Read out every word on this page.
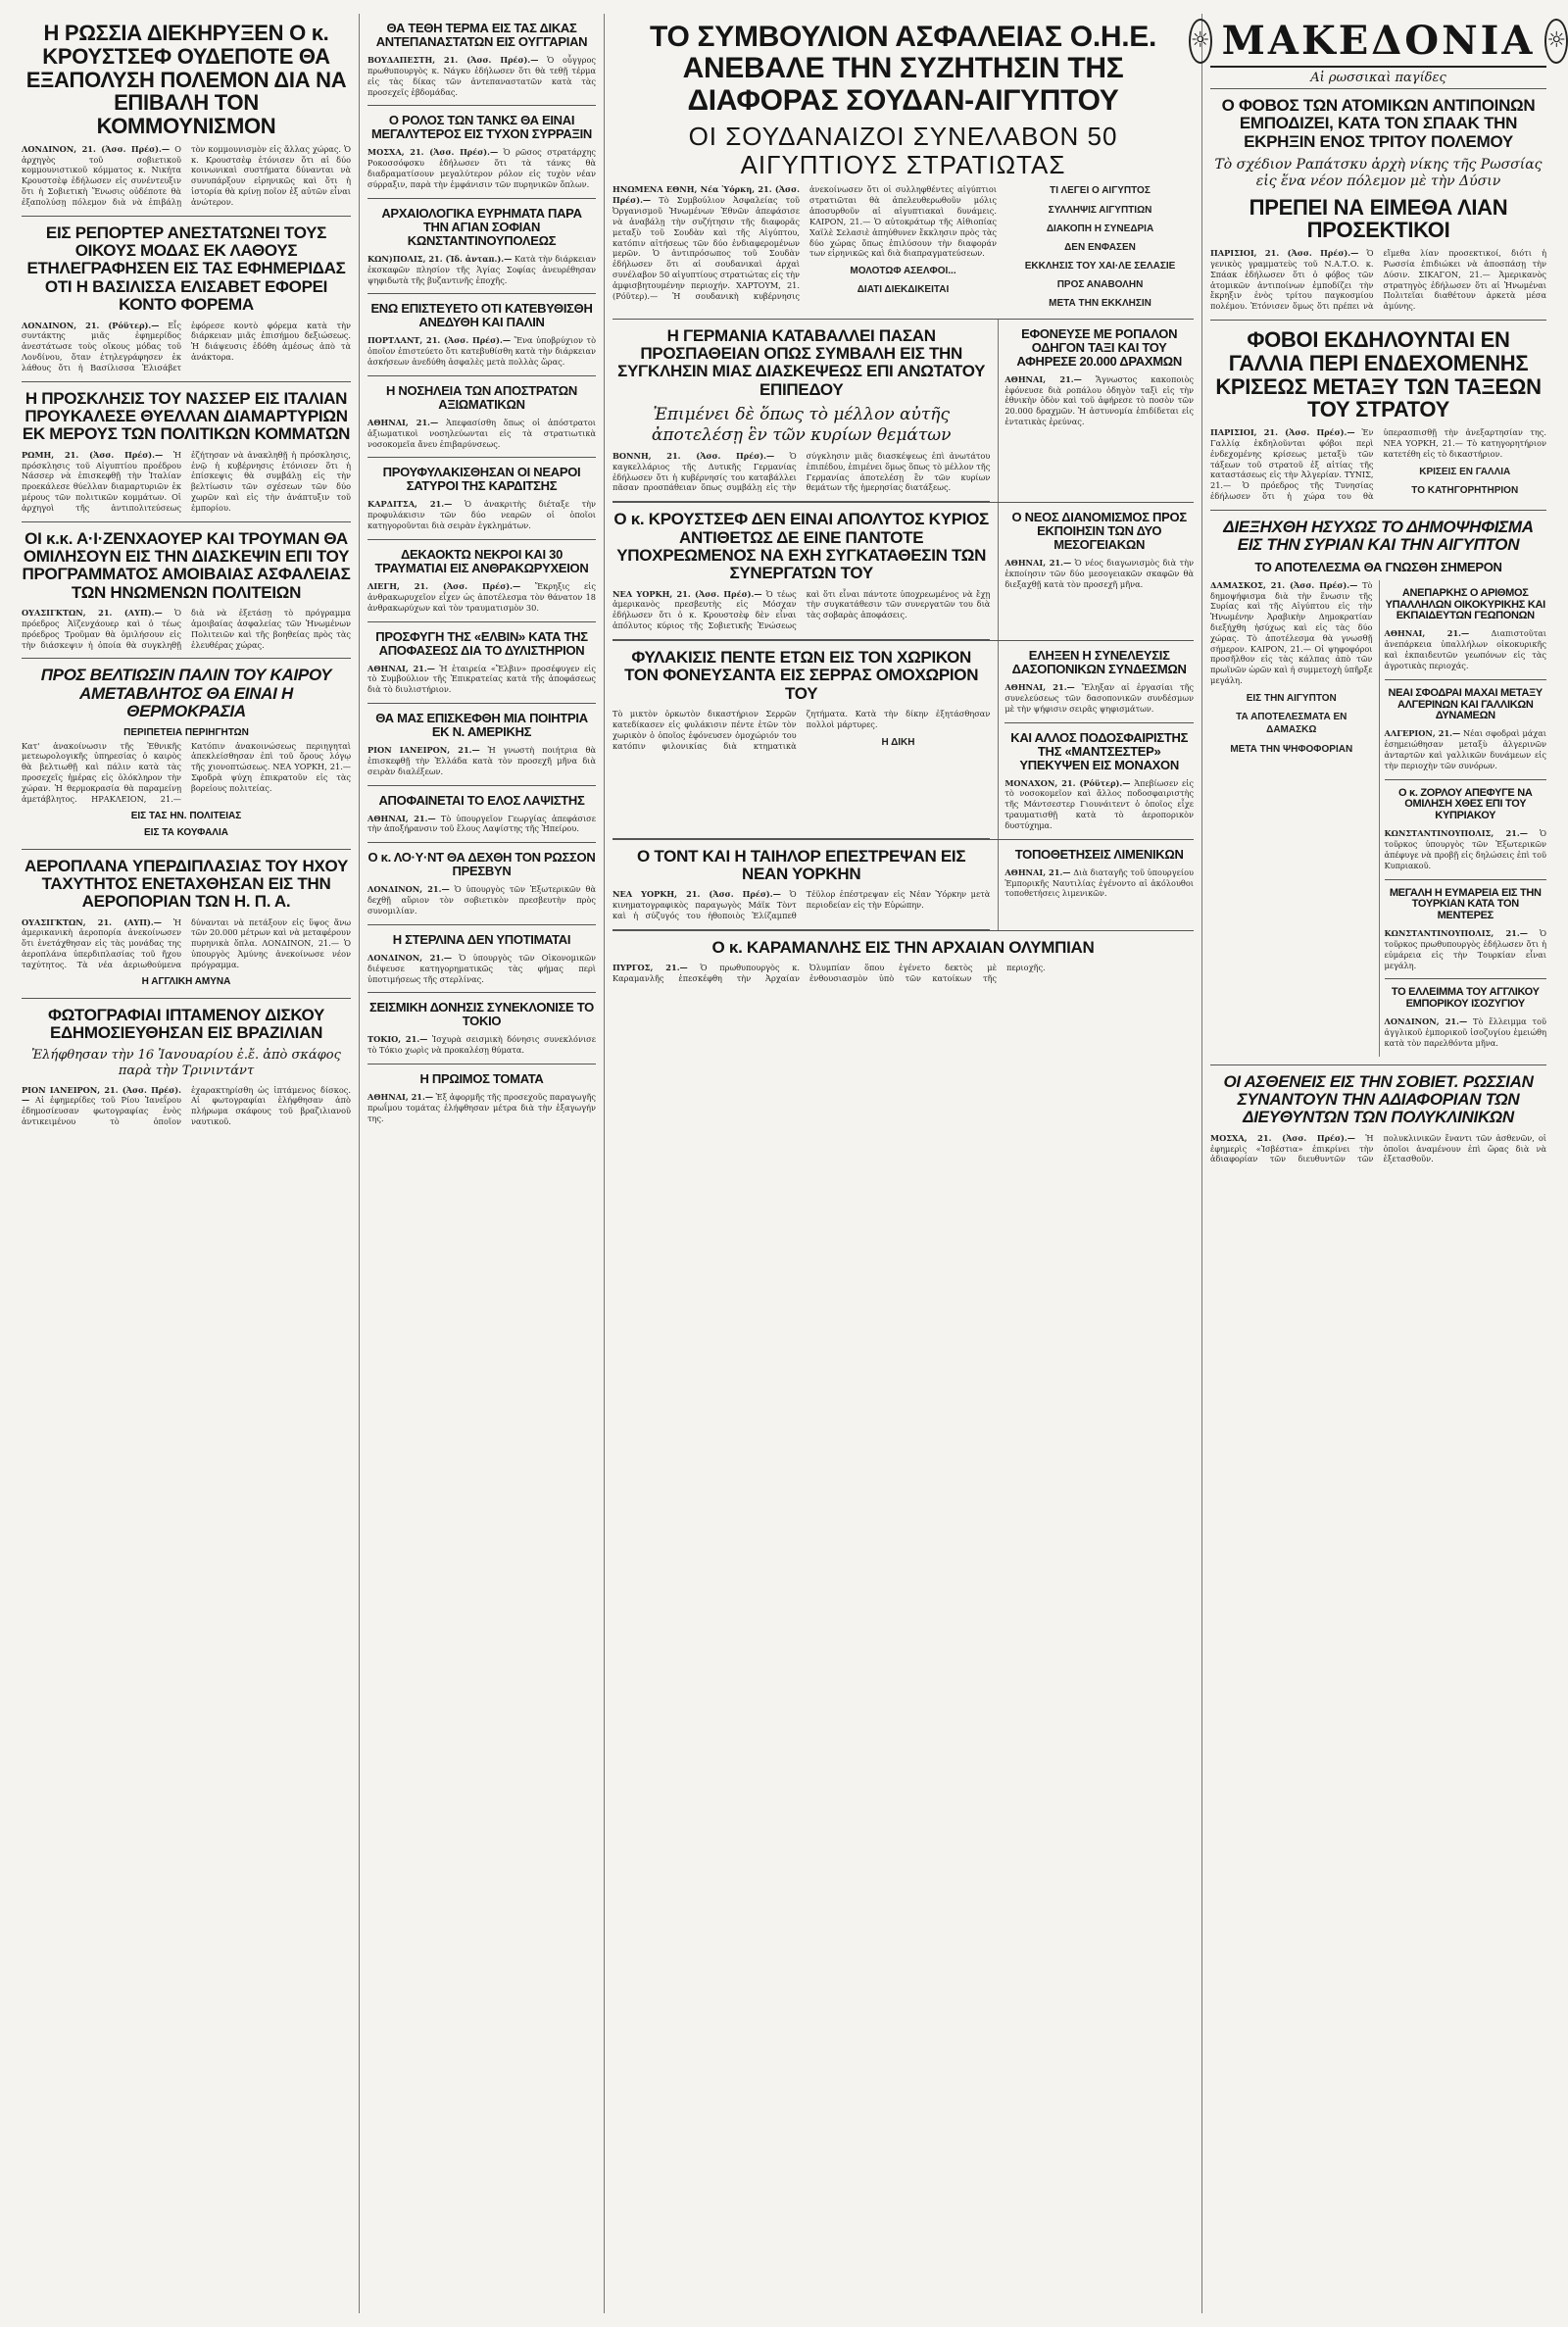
Η ΡΩΣΣΙΑ ΔΙΕΚΗΡΥΞΕΝ Ο κ. ΚΡΟΥΣΤΣΕΦ ΟΥΔΕΠΟΤΕ ΘΑ ΕΞΑΠΟΛΥΣΗ ΠΟΛΕΜΟΝ ΔΙΑ ΝΑ ΕΠΙΒΑΛΗ ΤΟΝ ΚΟΜΜΟΥΝΙΣΜΟΝ
ΛΟΝΔΙΝΟΝ, 21. (Άσσ. Πρέσ).— Ο ἀρχηγὸς τοῦ σοβιετικοῦ κομμουνιστικοῦ κόμματος κ. Νικήτα Κρουστσὲφ ἐδήλωσεν εἰς συνέντευξιν ὅτι ἡ Σοβιετικὴ Ἕνωσις οὐδέποτε θὰ ἐξαπολύσῃ πόλεμον διὰ νὰ ἐπιβάλῃ τὸν κομμουνισμὸν εἰς ἄλλας χώρας. Ὁ κ. Κρουστσὲφ ἐτόνισεν ὅτι αἱ δύο κοινωνικαὶ συστήματα δύνανται νὰ συνυπάρξουν εἰρηνικῶς καὶ ὅτι ἡ ἱστορία θὰ κρίνῃ ποῖον ἐξ αὐτῶν εἶναι ἀνώτερον.
ΕΙΣ ΡΕΠΟΡΤΕΡ ΑΝΕΣΤΑΤΩΝΕΙ ΤΟΥΣ ΟΙΚΟΥΣ ΜΟΔΑΣ ΕΚ ΛΑΘΟΥΣ ΕΤΗΛΕΓΡΑΦΗΣΕΝ ΕΙΣ ΤΑΣ ΕΦΗΜΕΡΙΔΑΣ ΟΤΙ Η ΒΑΣΙΛΙΣΣΑ ΕΛΙΣΑΒΕΤ ΕΦΟΡΕΙ ΚΟΝΤΟ ΦΟΡΕΜΑ
ΛΟΝΔΙΝΟΝ, 21. (Ρόϋτερ).— Εἷς συντάκτης μιᾶς ἐφημερίδος ἀνεστάτωσε τοὺς οἴκους μόδας τοῦ Λονδίνου, ὅταν ἐτηλεγράφησεν ἐκ λάθους ὅτι ἡ Βασίλισσα Ἐλισάβετ ἐφόρεσε κοντὸ φόρεμα κατὰ τὴν διάρκειαν μιᾶς ἐπισήμου δεξιώσεως. Ἡ διάψευσις ἐδόθη ἀμέσως ἀπὸ τὰ ἀνάκτορα.
Η ΠΡΟΣΚΛΗΣΙΣ ΤΟΥ ΝΑΣΣΕΡ ΕΙΣ ΙΤΑΛΙΑΝ ΠΡΟΥΚΑΛΕΣΕ ΘΥΕΛΛΑΝ ΔΙΑΜΑΡΤΥΡΙΩΝ ΕΚ ΜΕΡΟΥΣ ΤΩΝ ΠΟΛΙΤΙΚΩΝ ΚΟΜΜΑΤΩΝ
ΡΩΜΗ, 21. (Ἀσσ. Πρέσ).— Ἡ πρόσκλησις τοῦ Αἰγυπτίου προέδρου Νάσσερ νὰ ἐπισκεφθῇ τὴν Ἰταλίαν προεκάλεσε θύελλαν διαμαρτυριῶν ἐκ μέρους τῶν πολιτικῶν κομμάτων. Οἱ ἀρχηγοὶ τῆς ἀντιπολιτεύσεως ἐζήτησαν νὰ ἀνακληθῇ ἡ πρόσκλησις, ἐνῷ ἡ κυβέρνησις ἐτόνισεν ὅτι ἡ ἐπίσκεψις θὰ συμβάλῃ εἰς τὴν βελτίωσιν τῶν σχέσεων τῶν δύο χωρῶν καὶ εἰς τὴν ἀνάπτυξιν τοῦ ἐμπορίου.
ΟΙ κ.κ. Α·Ι·ΖΕΝΧΑΟΥΕΡ ΚΑΙ ΤΡΟΥΜΑΝ ΘΑ ΟΜΙΛΗΣΟΥΝ ΕΙΣ ΤΗΝ ΔΙΑΣΚΕΨΙΝ ΕΠΙ ΤΟΥ ΠΡΟΓΡΑΜΜΑΤΟΣ ΑΜΟΙΒΑΙΑΣ ΑΣΦΑΛΕΙΑΣ ΤΩΝ ΗΝΩΜΕΝΩΝ ΠΟΛΙΤΕΙΩΝ
ΟΥΑΣΙΓΚΤΩΝ, 21. (ΑΥΠ).— Ὁ πρόεδρος Ἀϊζενχάουερ καὶ ὁ τέως πρόεδρος Τροῦμαν θὰ ὁμιλήσουν εἰς τὴν διάσκεψιν ἡ ὁποία θὰ συγκληθῇ διὰ νὰ ἐξετάσῃ τὸ πρόγραμμα ἀμοιβαίας ἀσφαλείας τῶν Ἡνωμένων Πολιτειῶν καὶ τῆς βοηθείας πρὸς τὰς ἐλευθέρας χώρας.
ΠΡΟΣ ΒΕΛΤΙΩΣΙΝ ΠΑΛΙΝ ΤΟΥ ΚΑΙΡΟΥ ΑΜΕΤΑΒΛΗΤΟΣ ΘΑ ΕΙΝΑΙ Η ΘΕΡΜΟΚΡΑΣΙΑ
ΠΕΡΙΠΕΤΕΙΑ ΠΕΡΙΗΓΗΤΩΝ
Κατ' ἀνακοίνωσιν τῆς Ἐθνικῆς μετεωρολογικῆς ὑπηρεσίας ὁ καιρὸς θὰ βελτιωθῇ καὶ πάλιν κατὰ τὰς προσεχεῖς ἡμέρας εἰς ὁλόκληρον τὴν χώραν. Ἡ θερμοκρασία θὰ παραμείνῃ ἀμετάβλητος. ΗΡΑΚΛΕΙΟΝ, 21.— Κατόπιν ἀνακοινώσεως περιηγηταὶ ἀπεκλείσθησαν ἐπὶ τοῦ ὄρους λόγῳ τῆς χιονοπτώσεως. ΝΕΑ ΥΟΡΚΗ, 21.— Σφοδρὰ ψύχη ἐπικρατοῦν εἰς τὰς βορείους πολιτείας.
ΕΙΣ ΤΑΣ ΗΝ. ΠΟΛΙΤΕΙΑΣ
ΕΙΣ ΤΑ ΚΟΥΦΑΛΙΑ
ΑΕΡΟΠΛΑΝΑ ΥΠΕΡΔΙΠΛΑΣΙΑΣ ΤΟΥ ΗΧΟΥ ΤΑΧΥΤΗΤΟΣ ΕΝΕΤΑΧΘΗΣΑΝ ΕΙΣ ΤΗΝ ΑΕΡΟΠΟΡΙΑΝ ΤΩΝ Η. Π. Α.
ΟΥΑΣΙΓΚΤΩΝ, 21. (ΑΥΠ).— Ἡ ἀμερικανικὴ ἀεροπορία ἀνεκοίνωσεν ὅτι ἐνετάχθησαν εἰς τὰς μονάδας της ἀεροπλάνα ὑπερδιπλασίας τοῦ ἤχου ταχύτητος. Τὰ νέα ἀεριωθούμενα δύνανται νὰ πετάξουν εἰς ὕψος ἄνω τῶν 20.000 μέτρων καὶ νὰ μεταφέρουν πυρηνικὰ ὅπλα. ΛΟΝΔΙΝΟΝ, 21.— Ὁ ὑπουργὸς Ἀμύνης ἀνεκοίνωσε νέον πρόγραμμα.
Η ΑΓΓΛΙΚΗ ΑΜΥΝΑ
ΦΩΤΟΓΡΑΦΙΑΙ ΙΠΤΑΜΕΝΟΥ ΔΙΣΚΟΥ ΕΔΗΜΟΣΙΕΥΘΗΣΑΝ ΕΙΣ ΒΡΑΖΙΛΙΑΝ
Ἐλήφθησαν τὴν 16 Ἰανουαρίου ἐ.ἔ. ἀπὸ σκάφος παρὰ τὴν Τρινιντάντ
ΡΙΟΝ ΙΑΝΕΙΡΟΝ, 21. (Ἀσσ. Πρέσ).— Αἱ ἐφημερίδες τοῦ Ρίου Ἰανεΐρου ἐδημοσίευσαν φωτογραφίας ἑνὸς ἀντικειμένου τὸ ὁποῖον ἐχαρακτηρίσθη ὡς ἱπτάμενος δίσκος. Αἱ φωτογραφίαι ἐλήφθησαν ἀπὸ πλήρωμα σκάφους τοῦ βραζιλιανοῦ ναυτικοῦ.
ΘΑ ΤΕΘΗ ΤΕΡΜΑ ΕΙΣ ΤΑΣ ΔΙΚΑΣ ΑΝΤΕΠΑΝΑΣΤΑΤΩΝ ΕΙΣ ΟΥΓΓΑΡΙΑΝ
ΒΟΥΔΑΠΕΣΤΗ, 21. (Ἀσσ. Πρέσ).— Ὁ οὗγγρος πρωθυπουργὸς κ. Νάγκυ ἐδήλωσεν ὅτι θὰ τεθῇ τέρμα εἰς τὰς δίκας τῶν ἀντεπαναστατῶν κατὰ τὰς προσεχεῖς ἑβδομάδας.
Ο ΡΟΛΟΣ ΤΩΝ ΤΑΝΚΣ ΘΑ ΕΙΝΑΙ ΜΕΓΑΛΥΤΕΡΟΣ ΕΙΣ ΤΥΧΟΝ ΣΥΡΡΑΞΙΝ
ΜΟΣΧΑ, 21. (Ἀσσ. Πρέσ).— Ὁ ρῶσος στρατάρχης Ροκοσσόφσκυ ἐδήλωσεν ὅτι τὰ τάνκς θὰ διαδραματίσουν μεγαλύτερον ρόλον εἰς τυχὸν νέαν σύρραξιν, παρὰ τὴν ἐμφάνισιν τῶν πυρηνικῶν ὅπλων.
ΑΡΧΑΙΟΛΟΓΙΚΑ ΕΥΡΗΜΑΤΑ ΠΑΡΑ ΤΗΝ ΑΓΙΑΝ ΣΟΦΙΑΝ ΚΩΝΣΤΑΝΤΙΝΟΥΠΟΛΕΩΣ
ΚΩΝ)ΠΟΛΙΣ, 21. (Ἰδ. ἀνταπ.).— Κατὰ τὴν διάρκειαν ἐκσκαφῶν πλησίον τῆς Ἁγίας Σοφίας ἀνευρέθησαν ψηφιδωτὰ τῆς βυζαντινῆς ἐποχῆς.
ΕΝΩ ΕΠΙΣΤΕΥΕΤΟ ΟΤΙ ΚΑΤΕΒΥΘΙΣΘΗ ΑΝΕΔΥΘΗ ΚΑΙ ΠΑΛΙΝ
ΠΟΡΤΛΑΝΤ, 21. (Ἀσσ. Πρέσ).— Ἕνα ὑποβρύχιον τὸ ὁποῖον ἐπιστεύετο ὅτι κατεβυθίσθη κατὰ τὴν διάρκειαν ἀσκήσεων ἀνεδύθη ἀσφαλὲς μετὰ πολλὰς ὥρας.
Η ΝΟΣΗΛΕΙΑ ΤΩΝ ΑΠΟΣΤΡΑΤΩΝ ΑΞΙΩΜΑΤΙΚΩΝ
ΑΘΗΝΑΙ, 21.— Ἀπεφασίσθη ὅπως οἱ ἀπόστρατοι ἀξιωματικοὶ νοσηλεύωνται εἰς τὰ στρατιωτικὰ νοσοκομεῖα ἄνευ ἐπιβαρύνσεως.
ΠΡΟΥΦΥΛΑΚΙΣΘΗΣΑΝ ΟΙ ΝΕΑΡΟΙ ΣΑΤΥΡΟΙ ΤΗΣ ΚΑΡΔΙΤΣΗΣ
ΚΑΡΔΙΤΣΑ, 21.— Ὁ ἀνακριτὴς διέταξε τὴν προφυλάκισιν τῶν δύο νεαρῶν οἱ ὁποῖοι κατηγοροῦνται διὰ σειρὰν ἐγκλημάτων.
ΔΕΚΑΟΚΤΩ ΝΕΚΡΟΙ ΚΑΙ 30 ΤΡΑΥΜΑΤΙΑΙ ΕΙΣ ΑΝΘΡΑΚΩΡΥΧΕΙΟΝ
ΛΙΕΓΗ, 21. (Ἀσσ. Πρέσ).— Ἔκρηξις εἰς ἀνθρακωρυχεῖον εἶχεν ὡς ἀποτέλεσμα τὸν θάνατον 18 ἀνθρακωρύχων καὶ τὸν τραυματισμὸν 30.
ΠΡΟΣΦΥΓΗ ΤΗΣ «ΕΛΒΙΝ» ΚΑΤΑ ΤΗΣ ΑΠΟΦΑΣΕΩΣ ΔΙΑ ΤΟ ΔΥΛΙΣΤΗΡΙΟΝ
ΑΘΗΝΑΙ, 21.— Ἡ ἑταιρεία «Ἔλβιν» προσέφυγεν εἰς τὸ Συμβούλιον τῆς Ἐπικρατείας κατὰ τῆς ἀποφάσεως διὰ τὸ διυλιστήριον.
ΘΑ ΜΑΣ ΕΠΙΣΚΕΦΘΗ ΜΙΑ ΠΟΙΗΤΡΙΑ ΕΚ Ν. ΑΜΕΡΙΚΗΣ
ΡΙΟΝ ΙΑΝΕΙΡΟΝ, 21.— Ἡ γνωστὴ ποιήτρια θὰ ἐπισκεφθῇ τὴν Ἑλλάδα κατὰ τὸν προσεχῆ μῆνα διὰ σειρὰν διαλέξεων.
ΑΠΟΦΑΙΝΕΤΑΙ ΤΟ ΕΛΟΣ ΛΑΨΙΣΤΗΣ
ΑΘΗΝΑΙ, 21.— Τὸ ὑπουργεῖον Γεωργίας ἀπεφάσισε τὴν ἀποξήρανσιν τοῦ ἕλους Λαψίστης τῆς Ἠπείρου.
Ο κ. ΛΟ·Υ·ΝΤ ΘΑ ΔΕΧΘΗ ΤΟΝ ΡΩΣΣΟΝ ΠΡΕΣΒΥΝ
ΛΟΝΔΙΝΟΝ, 21.— Ὁ ὑπουργὸς τῶν Ἐξωτερικῶν θὰ δεχθῇ αὔριον τὸν σοβιετικὸν πρεσβευτὴν πρὸς συνομιλίαν.
Η ΣΤΕΡΛΙΝΑ ΔΕΝ ΥΠΟΤΙΜΑΤΑΙ
ΛΟΝΔΙΝΟΝ, 21.— Ὁ ὑπουργὸς τῶν Οἰκονομικῶν διέψευσε κατηγορηματικῶς τὰς φήμας περὶ ὑποτιμήσεως τῆς στερλίνας.
ΣΕΙΣΜΙΚΗ ΔΟΝΗΣΙΣ ΣΥΝΕΚΛΟΝΙΣΕ ΤΟ ΤΟΚΙΟ
ΤΟΚΙΟ, 21.— Ἰσχυρὰ σεισμικὴ δόνησις συνεκλόνισε τὸ Τόκιο χωρὶς νὰ προκαλέσῃ θύματα.
Η ΠΡΩΙΜΟΣ ΤΟΜΑΤΑ
ΑΘΗΝΑΙ, 21.— Ἐξ ἀφορμῆς τῆς προσεχοῦς παραγωγῆς πρωΐμου τομάτας ἐλήφθησαν μέτρα διὰ τὴν ἐξαγωγήν της.
ΤΟ ΣΥΜΒΟΥΛΙΟΝ ΑΣΦΑΛΕΙΑΣ Ο.Η.Ε. ΑΝΕΒΑΛΕ ΤΗΝ ΣΥΖΗΤΗΣΙΝ ΤΗΣ ΔΙΑΦΟΡΑΣ ΣΟΥΔΑΝ-ΑΙΓΥΠΤΟΥ
ΟΙ ΣΟΥΔΑΝΑΙΖΟΙ ΣΥΝΕΛΑΒΟΝ 50 ΑΙΓΥΠΤΙΟΥΣ ΣΤΡΑΤΙΩΤΑΣ
ΗΝΩΜΕΝΑ ΕΘΝΗ, Νέα Ὑόρκη, 21. (Ἀσσ. Πρέσ).— Τὸ Συμβούλιον Ἀσφαλείας τοῦ Ὀργανισμοῦ Ἡνωμένων Ἐθνῶν ἀπεφάσισε νὰ ἀναβάλῃ τὴν συζήτησιν τῆς διαφορᾶς μεταξὺ τοῦ Σουδὰν καὶ τῆς Αἰγύπτου, κατόπιν αἰτήσεως τῶν δύο ἐνδιαφερομένων μερῶν. Ὁ ἀντιπρόσωπος τοῦ Σουδὰν ἐδήλωσεν ὅτι αἱ σουδανικαὶ ἀρχαὶ συνέλαβον 50 αἰγυπτίους στρατιώτας εἰς τὴν ἀμφισβητουμένην περιοχήν. ΧΑΡΤΟΥΜ, 21. (Ρόϋτερ).— Ἡ σουδανικὴ κυβέρνησις ἀνεκοίνωσεν ὅτι οἱ συλληφθέντες αἰγύπτιοι στρατιῶται θὰ ἀπελευθερωθοῦν μόλις ἀποσυρθοῦν αἱ αἰγυπτιακαὶ δυνάμεις. ΚΑΙΡΟΝ, 21.— Ὁ αὐτοκράτωρ τῆς Αἰθιοπίας Χαϊλὲ Σελασιὲ ἀπηύθυνεν ἔκκλησιν πρὸς τὰς δύο χώρας ὅπως ἐπιλύσουν τὴν διαφοράν των εἰρηνικῶς καὶ διὰ διαπραγματεύσεων.
ΜΟΛΟΤΩΦ ΑΣΕΛΦΟΙ...
ΔΙΑΤΙ ΔΙΕΚΔΙΚΕΙΤΑΙ
ΤΙ ΛΕΓΕΙ Ο ΑΙΓΥΠΤΟΣ
ΣΥΛΛΗΨΙΣ ΑΙΓΥΠΤΙΩΝ
ΔΙΑΚΟΠΗ Η ΣΥΝΕΔΡΙΑ
ΔΕΝ ΕΝΦΑΣΕΝ
ΕΚΚΛΗΣΙΣ ΤΟΥ ΧΑΙ·ΛΕ ΣΕΛΑΣΙΕ
ΠΡΟΣ ΑΝΑΒΟΛΗΝ
ΜΕΤΑ ΤΗΝ ΕΚΚΛΗΣΙΝ
Η ΓΕΡΜΑΝΙΑ ΚΑΤΑΒΑΛΛΕΙ ΠΑΣΑΝ ΠΡΟΣΠΑΘΕΙΑΝ ΟΠΩΣ ΣΥΜΒΑΛΗ ΕΙΣ ΤΗΝ ΣΥΓΚΛΗΣΙΝ ΜΙΑΣ ΔΙΑΣΚΕΨΕΩΣ ΕΠΙ ΑΝΩΤΑΤΟΥ ΕΠΙΠΕΔΟΥ
Ἐπιμένει δὲ ὅπως τὸ μέλλον αὐτῆς ἀποτελέσῃ ἓν τῶν κυρίων θεμάτων
ΒΟΝΝΗ, 21. (Ἀσσ. Πρέσ).— Ὁ καγκελλάριος τῆς Δυτικῆς Γερμανίας ἐδήλωσεν ὅτι ἡ κυβέρνησίς του καταβάλλει πᾶσαν προσπάθειαν ὅπως συμβάλῃ εἰς τὴν σύγκλησιν μιᾶς διασκέψεως ἐπὶ ἀνωτάτου ἐπιπέδου, ἐπιμένει ὅμως ὅπως τὸ μέλλον τῆς Γερμανίας ἀποτελέσῃ ἓν τῶν κυρίων θεμάτων τῆς ἡμερησίας διατάξεως.
ΕΦΟΝΕΥΣΕ ΜΕ ΡΟΠΑΛΟΝ ΟΔΗΓΟΝ ΤΑΞΙ ΚΑΙ ΤΟΥ ΑΦΗΡΕΣΕ 20.000 ΔΡΑΧΜΩΝ
ΑΘΗΝΑΙ, 21.— Ἄγνωστος κακοποιὸς ἐφόνευσε διὰ ροπάλου ὁδηγὸν ταξὶ εἰς τὴν ἐθνικὴν ὁδὸν καὶ τοῦ ἀφήρεσε τὸ ποσὸν τῶν 20.000 δραχμῶν. Ἡ ἀστυνομία ἐπιδίδεται εἰς ἐντατικὰς ἐρεύνας.
Ο κ. ΚΡΟΥΣΤΣΕΦ ΔΕΝ ΕΙΝΑΙ ΑΠΟΛΥΤΟΣ ΚΥΡΙΟΣ ΑΝΤΙΘΕΤΩΣ ΔΕ ΕΙΝΕ ΠΑΝΤΟΤΕ ΥΠΟΧΡΕΩΜΕΝΟΣ ΝΑ ΕΧΗ ΣΥΓΚΑΤΑΘΕΣΙΝ ΤΩΝ ΣΥΝΕΡΓΑΤΩΝ ΤΟΥ
ΝΕΑ ΥΟΡΚΗ, 21. (Ἀσσ. Πρέσ).— Ὁ τέως ἀμερικανὸς πρεσβευτὴς εἰς Μόσχαν ἐδήλωσεν ὅτι ὁ κ. Κρουστσὲφ δὲν εἶναι ἀπόλυτος κύριος τῆς Σοβιετικῆς Ἑνώσεως καὶ ὅτι εἶναι πάντοτε ὑποχρεωμένος νὰ ἔχῃ τὴν συγκατάθεσιν τῶν συνεργατῶν του διὰ τὰς σοβαρὰς ἀποφάσεις.
Ο ΝΕΟΣ ΔΙΑΝΟΜΙΣΜΟΣ ΠΡΟΣ ΕΚΠΟΙΗΣΙΝ ΤΩΝ ΔΥΟ ΜΕΣΟΓΕΙΑΚΩΝ
ΑΘΗΝΑΙ, 21.— Ὁ νέος διαγωνισμὸς διὰ τὴν ἐκποίησιν τῶν δύο μεσογειακῶν σκαφῶν θὰ διεξαχθῇ κατὰ τὸν προσεχῆ μῆνα.
ΦΥΛΑΚΙΣΙΣ ΠΕΝΤΕ ΕΤΩΝ ΕΙΣ ΤΟΝ ΧΩΡΙΚΟΝ ΤΟΝ ΦΟΝΕΥΣΑΝΤΑ ΕΙΣ ΣΕΡΡΑΣ ΟΜΟΧΩΡΙΟΝ ΤΟΥ
Τὸ μικτὸν ὁρκωτὸν δικαστήριον Σερρῶν κατεδίκασεν εἰς φυλάκισιν πέντε ἐτῶν τὸν χωρικὸν ὁ ὁποῖος ἐφόνευσεν ὁμοχώριόν του κατόπιν φιλονικίας διὰ κτηματικὰ ζητήματα. Κατὰ τὴν δίκην ἐξητάσθησαν πολλοὶ μάρτυρες.
Η ΔΙΚΗ
ΕΛΗΞΕΝ Η ΣΥΝΕΛΕΥΣΙΣ ΔΑΣΟΠΟΝΙΚΩΝ ΣΥΝΔΕΣΜΩΝ
ΑΘΗΝΑΙ, 21.— Ἔληξαν αἱ ἐργασίαι τῆς συνελεύσεως τῶν δασοπονικῶν συνδέσμων μὲ τὴν ψήφισιν σειρᾶς ψηφισμάτων.
ΚΑΙ ΑΛΛΟΣ ΠΟΔΟΣΦΑΙΡΙΣΤΗΣ ΤΗΣ «ΜΑΝΤΣΕΣΤΕΡ» ΥΠΕΚΥΨΕΝ ΕΙΣ ΜΟΝΑΧΟΝ
ΜΟΝΑΧΟΝ, 21. (Ρόϋτερ).— Ἀπεβίωσεν εἰς τὸ νοσοκομεῖον καὶ ἄλλος ποδοσφαιριστὴς τῆς Μάντσεστερ Γιουνάιτεντ ὁ ὁποῖος εἶχε τραυματισθῇ κατὰ τὸ ἀεροπορικὸν δυστύχημα.
Ο ΤΟΝΤ ΚΑΙ Η ΤΑΙΗΛΟΡ ΕΠΕΣΤΡΕΨΑΝ ΕΙΣ ΝΕΑΝ ΥΟΡΚΗΝ
ΝΕΑ ΥΟΡΚΗ, 21. (Ἀσσ. Πρέσ).— Ὁ κινηματογραφικὸς παραγωγὸς Μάϊκ Τὸντ καὶ ἡ σύζυγός του ἠθοποιὸς Ἐλίζαμπεθ Τέϋλορ ἐπέστρεψαν εἰς Νέαν Ὑόρκην μετὰ περιοδείαν εἰς τὴν Εὐρώπην.
ΤΟΠΟΘΕΤΗΣΕΙΣ ΛΙΜΕΝΙΚΩΝ
ΑΘΗΝΑΙ, 21.— Διὰ διαταγῆς τοῦ ὑπουργείου Ἐμπορικῆς Ναυτιλίας ἐγένοντο αἱ ἀκόλουθοι τοποθετήσεις λιμενικῶν.
Ο κ. ΚΑΡΑΜΑΝΛΗΣ ΕΙΣ ΤΗΝ ΑΡΧΑΙΑΝ ΟΛΥΜΠΙΑΝ
ΠΥΡΓΟΣ, 21.— Ὁ πρωθυπουργὸς κ. Καραμανλῆς ἐπεσκέφθη τὴν Ἀρχαίαν Ὀλυμπίαν ὅπου ἐγένετο δεκτὸς μὲ ἐνθουσιασμὸν ὑπὸ τῶν κατοίκων τῆς περιοχῆς.
☼ ΜΑΚΕΔΟΝΙΑ ☼
Αἱ ρωσσικαὶ παγίδες
Ο ΦΟΒΟΣ ΤΩΝ ΑΤΟΜΙΚΩΝ ΑΝΤΙΠΟΙΝΩΝ ΕΜΠΟΔΙΖΕΙ, ΚΑΤΑ ΤΟΝ ΣΠΑΑΚ ΤΗΝ ΕΚΡΗΞΙΝ ΕΝΟΣ ΤΡΙΤΟΥ ΠΟΛΕΜΟΥ
Τὸ σχέδιον Ραπάτσκυ ἀρχὴ νίκης τῆς Ρωσσίας εἰς ἕνα νέον πόλεμον μὲ τὴν Δύσιν
ΠΡΕΠΕΙ ΝΑ ΕΙΜΕΘΑ ΛΙΑΝ ΠΡΟΣΕΚΤΙΚΟΙ
ΠΑΡΙΣΙΟΙ, 21. (Ἀσσ. Πρέσ).— Ὁ γενικὸς γραμματεὺς τοῦ Ν.Α.Τ.Ο. κ. Σπάακ ἐδήλωσεν ὅτι ὁ φόβος τῶν ἀτομικῶν ἀντιποίνων ἐμποδίζει τὴν ἔκρηξιν ἑνὸς τρίτου παγκοσμίου πολέμου. Ἐτόνισεν ὅμως ὅτι πρέπει νὰ εἴμεθα λίαν προσεκτικοί, διότι ἡ Ρωσσία ἐπιδιώκει νὰ ἀποσπάσῃ τὴν Δύσιν. ΣΙΚΑΓΟΝ, 21.— Ἀμερικανὸς στρατηγὸς ἐδήλωσεν ὅτι αἱ Ἡνωμέναι Πολιτεῖαι διαθέτουν ἀρκετὰ μέσα ἀμύνης.
ΦΟΒΟΙ ΕΚΔΗΛΟΥΝΤΑΙ ΕΝ ΓΑΛΛΙΑ ΠΕΡΙ ΕΝΔΕΧΟΜΕΝΗΣ ΚΡΙΣΕΩΣ ΜΕΤΑΞΥ ΤΩΝ ΤΑΞΕΩΝ ΤΟΥ ΣΤΡΑΤΟΥ
ΠΑΡΙΣΙΟΙ, 21. (Ἀσσ. Πρέσ).— Ἐν Γαλλίᾳ ἐκδηλοῦνται φόβοι περὶ ἐνδεχομένης κρίσεως μεταξὺ τῶν τάξεων τοῦ στρατοῦ ἐξ αἰτίας τῆς καταστάσεως εἰς τὴν Ἀλγερίαν. ΤΥΝΙΣ, 21.— Ὁ πρόεδρος τῆς Τυνησίας ἐδήλωσεν ὅτι ἡ χώρα του θὰ ὑπερασπισθῇ τὴν ἀνεξαρτησίαν της. ΝΕΑ ΥΟΡΚΗ, 21.— Τὸ κατηγορητήριον κατετέθη εἰς τὸ δικαστήριον.
ΚΡΙΣΕΙΣ ΕΝ ΓΑΛΛΙΑ
ΤΟ ΚΑΤΗΓΟΡΗΤΗΡΙΟΝ
ΔΙΕΞΗΧΘΗ ΗΣΥΧΩΣ ΤΟ ΔΗΜΟΨΗΦΙΣΜΑ ΕΙΣ ΤΗΝ ΣΥΡΙΑΝ ΚΑΙ ΤΗΝ ΑΙΓΥΠΤΟΝ
ΤΟ ΑΠΟΤΕΛΕΣΜΑ ΘΑ ΓΝΩΣΘΗ ΣΗΜΕΡΟΝ
ΔΑΜΑΣΚΟΣ, 21. (Ἀσσ. Πρέσ).— Τὸ δημοψήφισμα διὰ τὴν ἕνωσιν τῆς Συρίας καὶ τῆς Αἰγύπτου εἰς τὴν Ἡνωμένην Ἀραβικὴν Δημοκρατίαν διεξήχθη ἡσύχως καὶ εἰς τὰς δύο χώρας. Τὸ ἀποτέλεσμα θὰ γνωσθῇ σήμερον. ΚΑΙΡΟΝ, 21.— Οἱ ψηφοφόροι προσῆλθον εἰς τὰς κάλπας ἀπὸ τῶν πρωϊνῶν ὡρῶν καὶ ἡ συμμετοχὴ ὑπῆρξε μεγάλη.
ΕΙΣ ΤΗΝ ΑΙΓΥΠΤΟΝ
ΤΑ ΑΠΟΤΕΛΕΣΜΑΤΑ ΕΝ ΔΑΜΑΣΚΩ
ΜΕΤΑ ΤΗΝ ΨΗΦΟΦΟΡΙΑΝ
ΑΝΕΠΑΡΚΗΣ Ο ΑΡΙΘΜΟΣ ΥΠΑΛΛΗΛΩΝ ΟΙΚΟΚΥΡΙΚΗΣ ΚΑΙ ΕΚΠΑΙΔΕΥΤΩΝ ΓΕΩΠΟΝΩΝ
ΑΘΗΝΑΙ, 21.—	Διαπιστοῦται ἀνεπάρκεια ὑπαλλήλων οἰκοκυρικῆς καὶ ἐκπαιδευτῶν γεωπόνων εἰς τὰς ἀγροτικὰς περιοχάς.
ΝΕΑΙ ΣΦΟΔΡΑΙ ΜΑΧΑΙ ΜΕΤΑΞΥ ΑΛΓΕΡΙΝΩΝ ΚΑΙ ΓΑΛΛΙΚΩΝ ΔΥΝΑΜΕΩΝ
ΑΛΓΕΡΙΟΝ, 21.— Νέαι σφοδραὶ μάχαι ἐσημειώθησαν μεταξὺ ἀλγερινῶν ἀνταρτῶν καὶ γαλλικῶν δυνάμεων εἰς τὴν περιοχὴν τῶν συνόρων.
Ο κ. ΖΟΡΛΟΥ ΑΠΕΦΥΓΕ ΝΑ ΟΜΙΛΗΣΗ ΧΘΕΣ ΕΠΙ ΤΟΥ ΚΥΠΡΙΑΚΟΥ
ΚΩΝΣΤΑΝΤΙΝΟΥΠΟΛΙΣ, 21.— Ὁ τοῦρκος ὑπουργὸς τῶν Ἐξωτερικῶν ἀπέφυγε νὰ προβῇ εἰς δηλώσεις ἐπὶ τοῦ Κυπριακοῦ.
ΜΕΓΑΛΗ Η ΕΥΜΑΡΕΙΑ ΕΙΣ ΤΗΝ ΤΟΥΡΚΙΑΝ ΚΑΤΑ ΤΟΝ ΜΕΝΤΕΡΕΣ
ΚΩΝΣΤΑΝΤΙΝΟΥΠΟΛΙΣ, 21.— Ὁ τοῦρκος πρωθυπουργὸς ἐδήλωσεν ὅτι ἡ εὐμάρεια εἰς τὴν Τουρκίαν εἶναι μεγάλη.
ΤΟ ΕΛΛΕΙΜΜΑ ΤΟΥ ΑΓΓΛΙΚΟΥ ΕΜΠΟΡΙΚΟΥ ΙΣΟΖΥΓΙΟΥ
ΛΟΝΔΙΝΟΝ, 21.— Τὸ ἔλλειμμα τοῦ ἀγγλικοῦ ἐμπορικοῦ ἰσοζυγίου ἐμειώθη κατὰ τὸν παρελθόντα μῆνα.
ΟΙ ΑΣΘΕΝΕΙΣ ΕΙΣ ΤΗΝ ΣΟΒΙΕΤ. ΡΩΣΣΙΑΝ ΣΥΝΑΝΤΟΥΝ ΤΗΝ ΑΔΙΑΦΟΡΙΑΝ ΤΩΝ ΔΙΕΥΘΥΝΤΩΝ ΤΩΝ ΠΟΛΥΚΛΙΝΙΚΩΝ
ΜΟΣΧΑ, 21. (Ἀσσ. Πρέσ).— Ἡ ἐφημερὶς «Ἰσβέστια» ἐπικρίνει τὴν ἀδιαφορίαν τῶν διευθυντῶν τῶν πολυκλινικῶν ἔναντι τῶν ἀσθενῶν, οἱ ὁποῖοι ἀναμένουν ἐπὶ ὥρας διὰ νὰ ἐξετασθοῦν.
